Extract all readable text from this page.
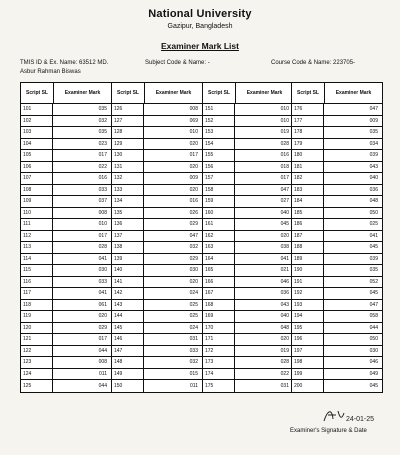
National University
Gazipur, Bangladesh
Examiner Mark List
TMIS ID & Ex. Name: 63512 MD.	Subject Code & Name: -	Course Code & Name: 223705-
Asbur Rahman Biswas
Script SL	Examiner Mark
101	035
102	032
103	035
104	023
105	017
106	022
107	016
108	033
109	037
110	008
111	010
112	017
113	028
114	041
115	030
116	033
117	041
118	061
119	020
120	029
121	017
122	044
123	008
124	011
125	044
Script SL	Examiner Mark
126	008
127	069
128	010
129	020
130	017
131	020
132	009
133	020
134	016
135	026
136	029
137	047
138	032
139	029
140	030
141	020
142	024
143	025
144	025
145	024
146	031
147	033
148	032
149	015
150	011
Script SL	Examiner Mark
151	010
152	010
153	019
154	028
155	016
156	018
157	017
158	047
159	027
160	040
161	045
162	020
163	038
164	041
165	021
166	046
167	036
168	043
169	040
170	048
171	020
172	019
173	028
174	022
175	031
Script SL	Examiner Mark
176	047
177	009
178	035
179	034
180	039
181	043
182	040
183	036
184	048
185	050
186	025
187	041
188	045
189	039
190	035
191	052
192	045
193	047
194	058
195	044
196	050
197	030
198	046
199	049
200	045
24-01-25
Examiner's Signature & Date
